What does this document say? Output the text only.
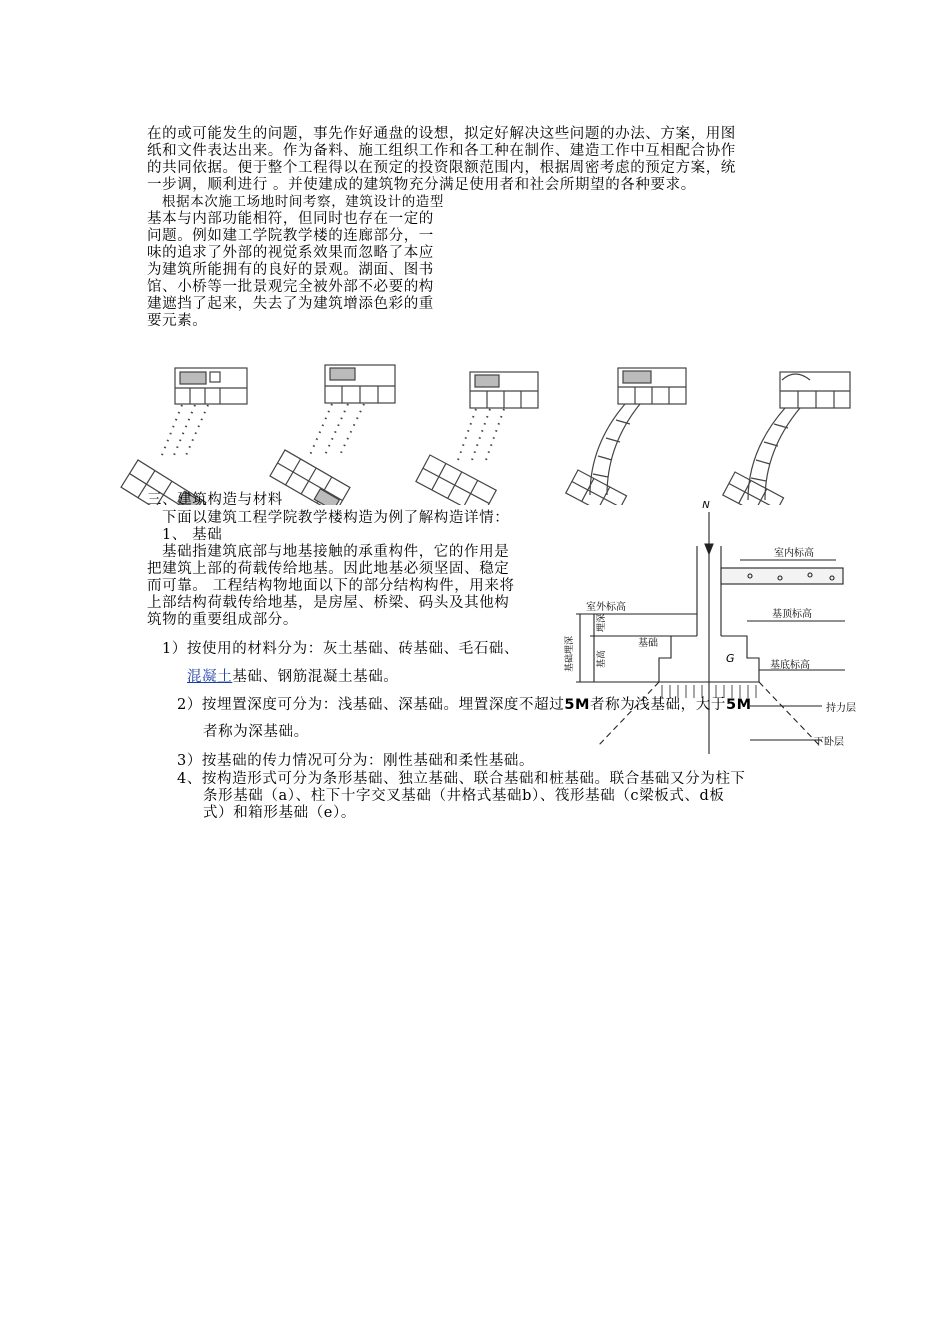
在的或可能发生的问题，事先作好通盘的设想，拟定好解决这些问题的办法、方案，用图
纸和文件表达出来。作为备料、施工组织工作和各工种在制作、建造工作中互相配合协作
的共同依据。便于整个工程得以在预定的投资限额范围内，根据周密考虑的预定方案，统
一步调，顺利进行 。并使建成的建筑物充分满足使用者和社会所期望的各种要求。
根据本次施工场地时间考察，建筑设计的造型
基本与内部功能相符，但同时也存在一定的
问题。例如建工学院教学楼的连廊部分，一
味的追求了外部的视觉系效果而忽略了本应
为建筑所能拥有的良好的景观。湖面、图书
馆、小桥等一批景观完全被外部不必要的构
建遮挡了起来，失去了为建筑增添色彩的重
要元素。
三、建筑构造与材料
下面以建筑工程学院教学楼构造为例了解构造详情：
1、 基础
基础指建筑底部与地基接触的承重构件，它的作用是
把建筑上部的荷载传给地基。因此地基必须坚固、稳定
而可靠。 工程结构物地面以下的部分结构构件，用来将
上部结构荷载传给地基，是房屋、桥梁、码头及其他构
筑物的重要组成部分。
1）按使用的材料分为：灰土基础、砖基础、毛石础、
混凝土基础、钢筋混凝土基础。
2）按埋置深度可分为：浅基础、深基础。埋置深度不超过5M者称为浅基础，大于5M
者称为深基础。
3）按基础的传力情况可分为：刚性基础和柔性基础。
4、按构造形式可分为条形基础、独立基础、联合基础和桩基础。联合基础又分为柱下
条形基础（a）、柱下十字交叉基础（井格式基础b）、筏形基础（c梁板式、d板
式）和箱形基础（e）。
N
G
室内标高
室外标高
基顶标高
基底标高
基础
持力层
下卧层
埋深
基高
基础埋深
